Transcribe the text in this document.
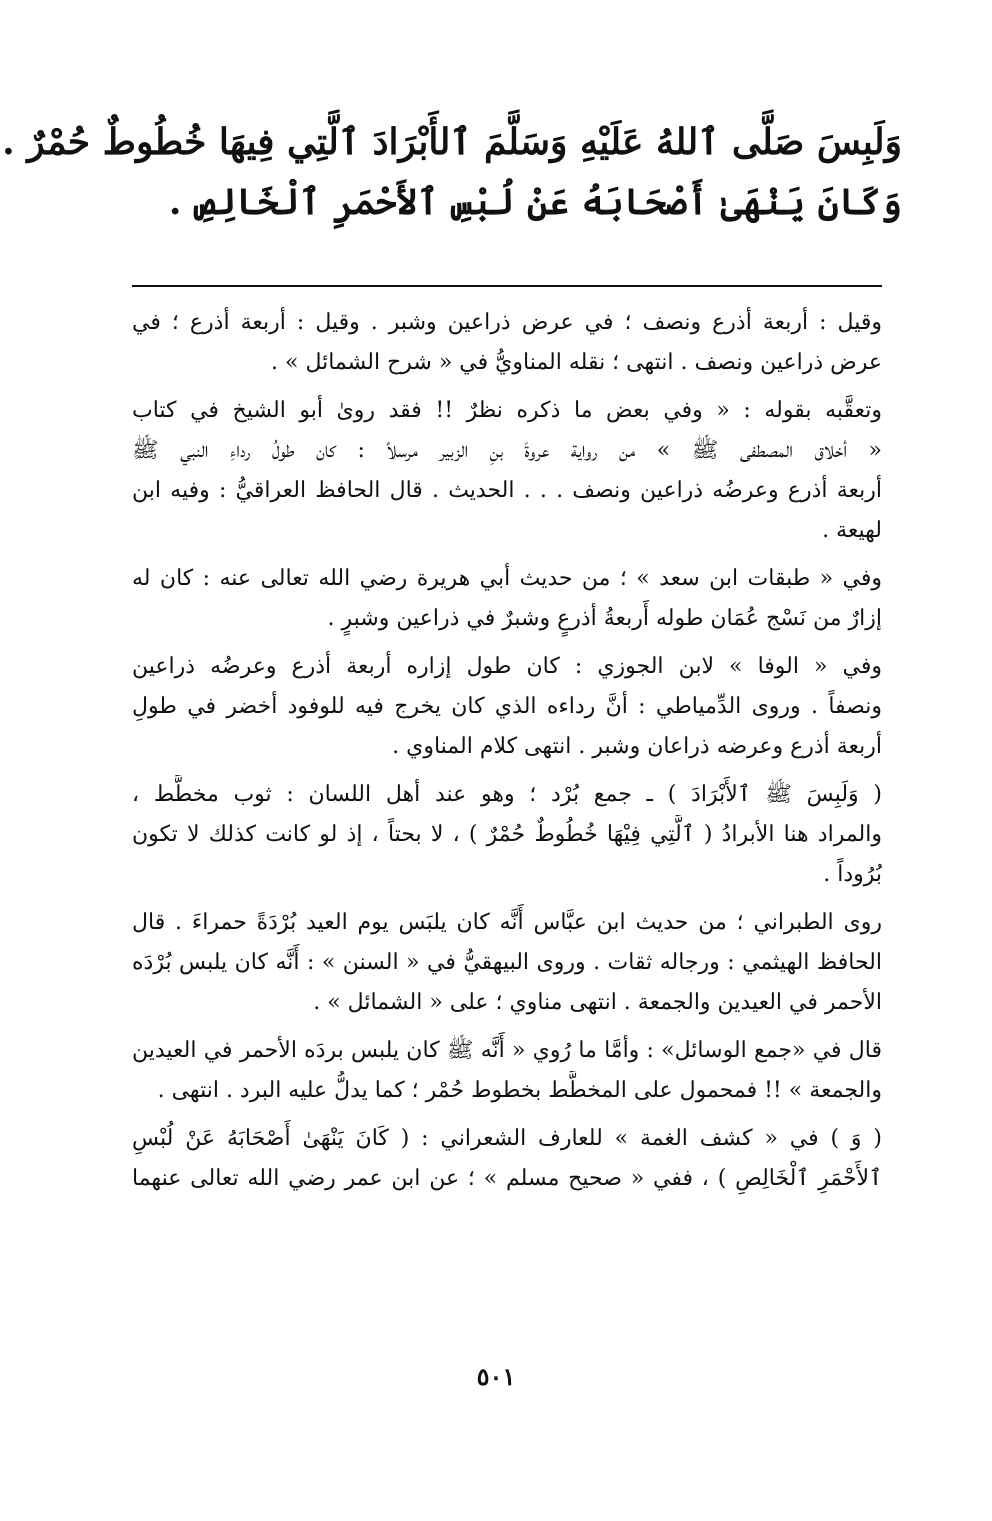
وَلَبِسَ صَلَّى ٱللهُ عَلَيْهِ وَسَلَّمَ ٱلأَبْرَادَ ٱلَّتِي فِيهَا خُطُوطٌ حُمْرٌ .
وَكَانَ يَنْهَىٰ أَصْحَابَهُ عَنْ لُبْسِ ٱلأَحْمَرِ ٱلْخَالِصِ .

وقيل : أربعة أذرع ونصف ؛ في عرض ذراعين وشبر . وقيل : أربعة أذرع ؛ في
عرض ذراعين ونصف . انتهى ؛ نقله المناويُّ في « شرح الشمائل » .

وتعقَّبه بقوله : « وفي بعض ما ذكره نظرٌ !! فقد روىٰ أبو الشيخ في كتاب
« أخلاق المصطفى ﷺ » من رواية عروةَ بنِ الزبير مرسلاً : كان طولُ رداءِ النبي ﷺ
أربعة أذرع وعرضُه ذراعين ونصف . . . الحديث . قال الحافظ العراقيُّ : وفيه ابن
لهيعة .

وفي « طبقات ابن سعد » ؛ من حديث أبي هريرة رضي الله تعالى عنه : كان له
إزارٌ من نَسْج عُمَان طوله أَربعةُ أذرعٍ وشبرٌ في ذراعين وشبرٍ .

وفي « الوفا » لابن الجوزي : كان طول إزاره أربعة أذرع وعرضُه ذراعين
ونصفاً . وروى الدِّمياطي : أنَّ رداءه الذي كان يخرج فيه للوفود أخضر في طولِ
أربعة أذرع وعرضه ذراعان وشبر . انتهى كلام المناوي .

( وَلَبِسَ ﷺ ٱلأَبْرَادَ ) ـ جمع بُرْد ؛ وهو عند أهل اللسان : ثوب مخطَّط ،
والمراد هنا الأبرادُ ( ٱلَّتِي فِيْهَا خُطُوطٌ حُمْرٌ ) ، لا بحتاً ، إذ لو كانت كذلك لا تكون
بُرُوداً .

روى الطبراني ؛ من حديث ابن عبَّاس أَنَّه كان يلبَس يوم العيد بُرْدَةً حمراءَ . قال
الحافظ الهيثمي : ورجاله ثقات . وروى البيهقيُّ في « السنن » : أَنَّه كان يلبس بُرْدَه
الأحمر في العيدين والجمعة . انتهى مناوي ؛ على « الشمائل » .

قال في «جمع الوسائل» : وأمَّا ما رُوي « أَنَّه ﷺ كان يلبس بردَه الأحمر في العيدين
والجمعة » !! فمحمول على المخطَّط بخطوط حُمْر ؛ كما يدلُّ عليه البرد . انتهى .

( وَ ) في « كشف الغمة » للعارف الشعراني : ( كَانَ يَنْهَىٰ أَصْحَابَهُ عَنْ لُبْسِ
ٱلأَحْمَرِ ٱلْخَالِصِ ) ، ففي « صحيح مسلم » ؛ عن ابن عمر رضي الله تعالى عنهما

٥٠١
